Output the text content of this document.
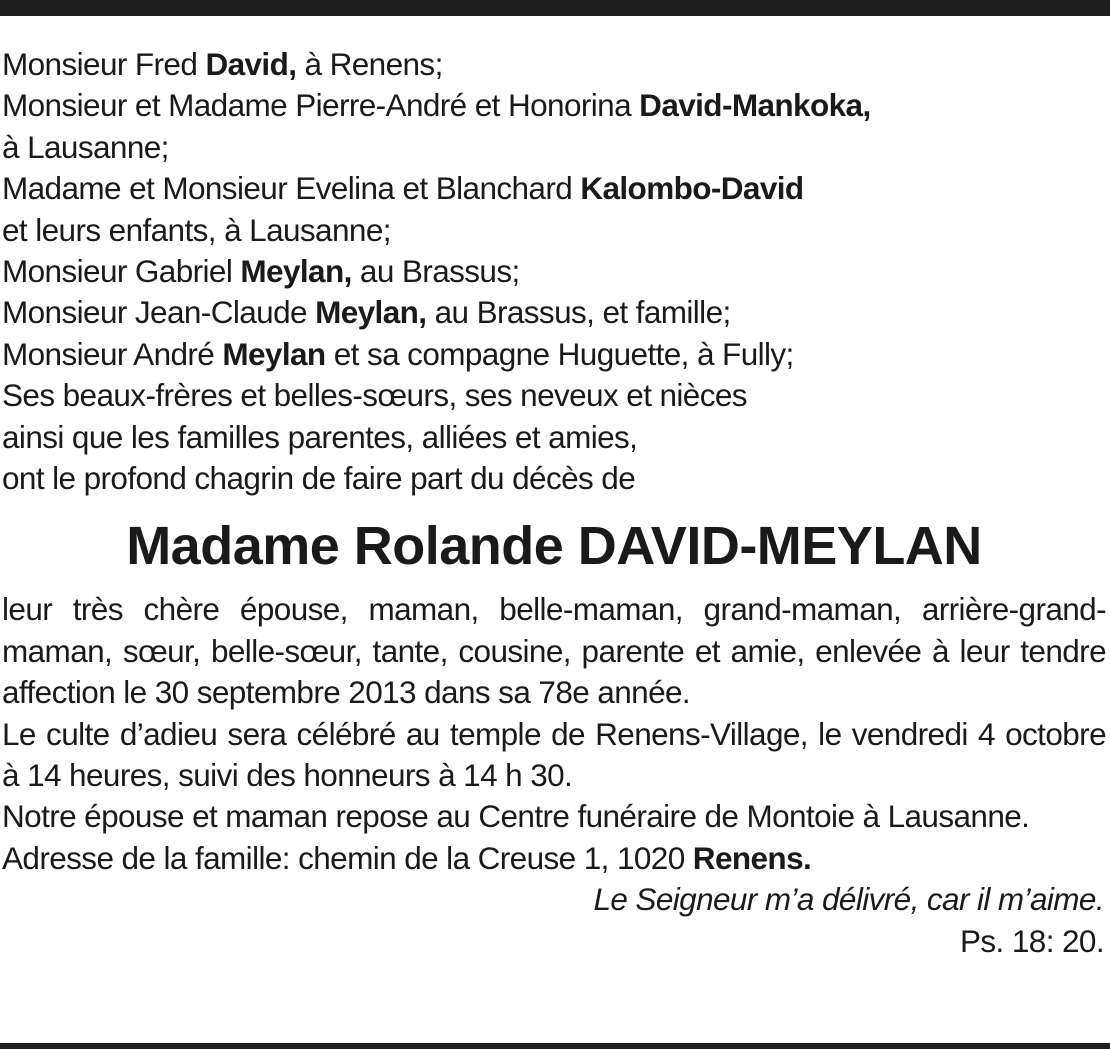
Monsieur Fred David, à Renens;
Monsieur et Madame Pierre-André et Honorina David-Mankoka,
à Lausanne;
Madame et Monsieur Evelina et Blanchard Kalombo-David
et leurs enfants, à Lausanne;
Monsieur Gabriel Meylan, au Brassus;
Monsieur Jean-Claude Meylan, au Brassus, et famille;
Monsieur André Meylan et sa compagne Huguette, à Fully;
Ses beaux-frères et belles-sœurs, ses neveux et nièces
ainsi que les familles parentes, alliées et amies,
ont le profond chagrin de faire part du décès de
Madame Rolande DAVID-MEYLAN
leur très chère épouse, maman, belle-maman, grand-maman, arrière-grand-maman, sœur, belle-sœur, tante, cousine, parente et amie, enlevée à leur tendre affection le 30 septembre 2013 dans sa 78e année.
Le culte d’adieu sera célébré au temple de Renens-Village, le vendredi 4 octobre à 14 heures, suivi des honneurs à 14 h 30.
Notre épouse et maman repose au Centre funéraire de Montoie à Lausanne.
Adresse de la famille: chemin de la Creuse 1, 1020 Renens.
Le Seigneur m’a délivré, car il m’aime.
Ps. 18: 20.
